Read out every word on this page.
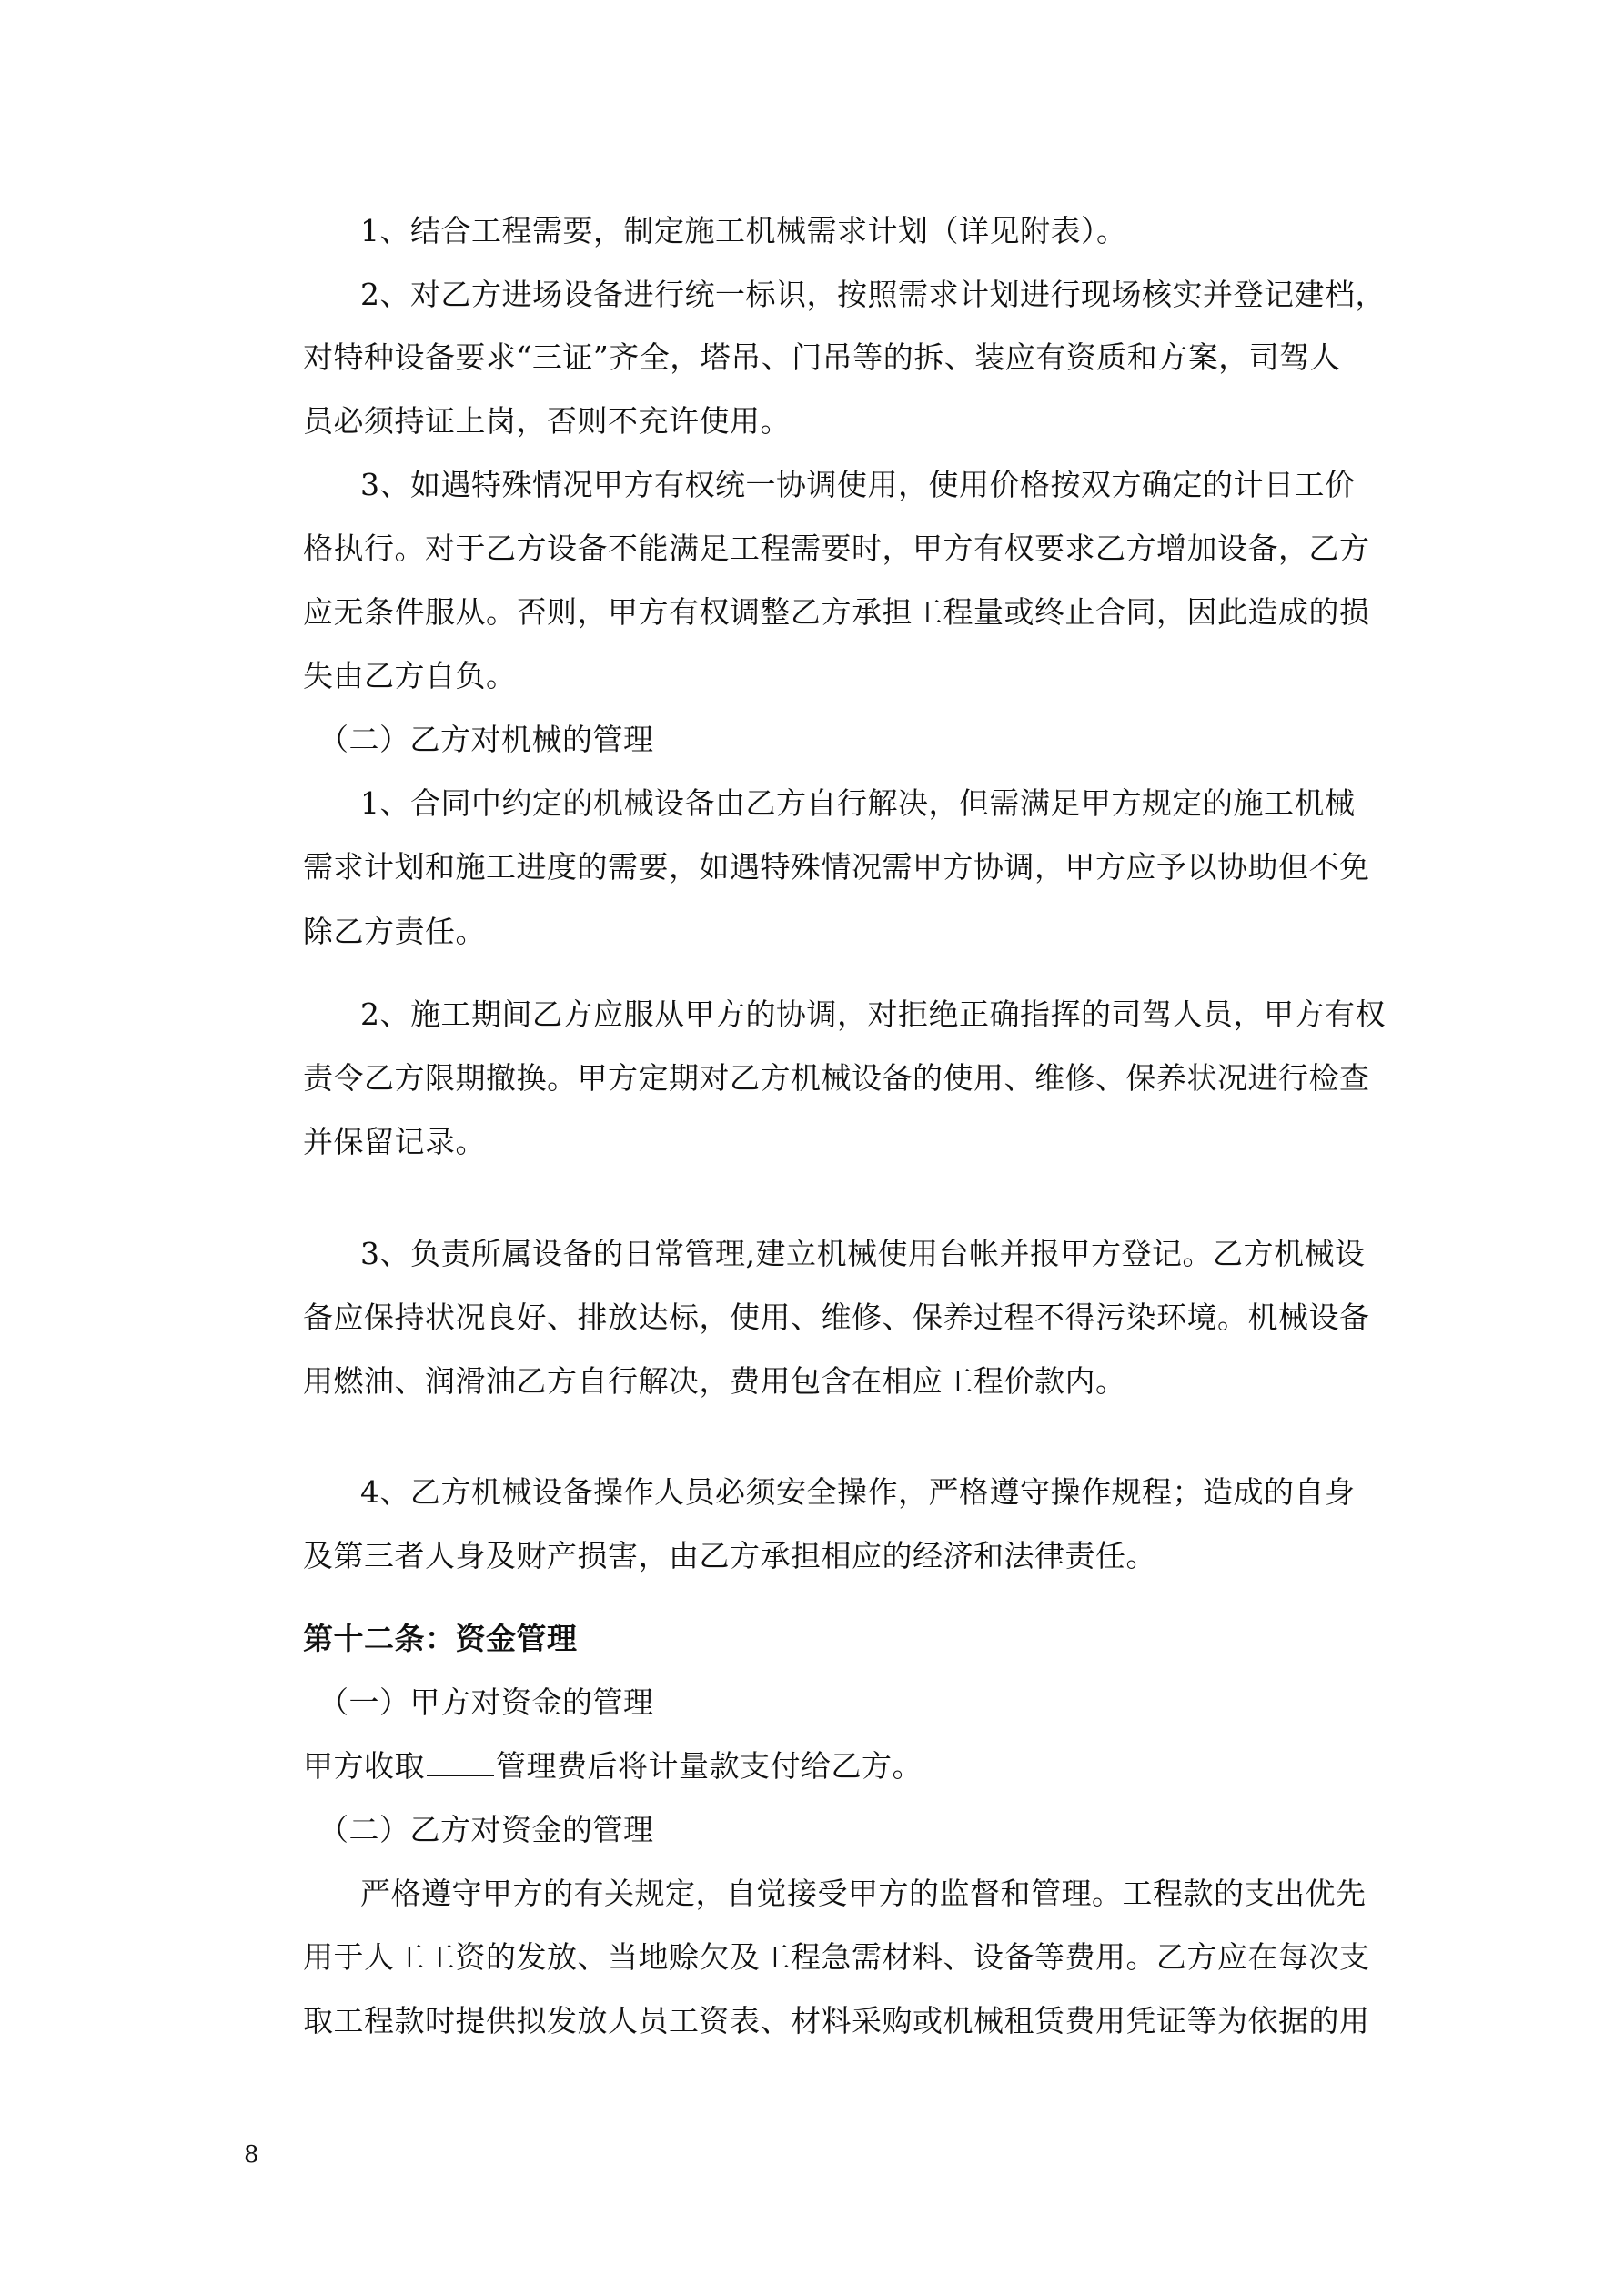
1、结合工程需要，制定施工机械需求计划（详见附表）。
2、对乙方进场设备进行统一标识，按照需求计划进行现场核实并登记建档，
对特种设备要求“三证”齐全，塔吊、门吊等的拆、装应有资质和方案，司驾人
员必须持证上岗，否则不充许使用。
3、如遇特殊情况甲方有权统一协调使用，使用价格按双方确定的计日工价
格执行。对于乙方设备不能满足工程需要时，甲方有权要求乙方增加设备，乙方
应无条件服从。否则，甲方有权调整乙方承担工程量或终止合同，因此造成的损
失由乙方自负。
（二）乙方对机械的管理
1、合同中约定的机械设备由乙方自行解决，但需满足甲方规定的施工机械
需求计划和施工进度的需要，如遇特殊情况需甲方协调，甲方应予以协助但不免
除乙方责任。
2、施工期间乙方应服从甲方的协调，对拒绝正确指挥的司驾人员，甲方有权
责令乙方限期撤换。甲方定期对乙方机械设备的使用、维修、保养状况进行检查
并保留记录。
3、负责所属设备的日常管理,建立机械使用台帐并报甲方登记。乙方机械设
备应保持状况良好、排放达标，使用、维修、保养过程不得污染环境。机械设备
用燃油、润滑油乙方自行解决，费用包含在相应工程价款内。
4、乙方机械设备操作人员必须安全操作，严格遵守操作规程；造成的自身
及第三者人身及财产损害，由乙方承担相应的经济和法律责任。
第十二条：资金管理
（一）甲方对资金的管理
甲方收取 管理费后将计量款支付给乙方。
（二）乙方对资金的管理
严格遵守甲方的有关规定，自觉接受甲方的监督和管理。工程款的支出优先
用于人工工资的发放、当地赊欠及工程急需材料、设备等费用。乙方应在每次支
取工程款时提供拟发放人员工资表、材料采购或机械租赁费用凭证等为依据的用
8
